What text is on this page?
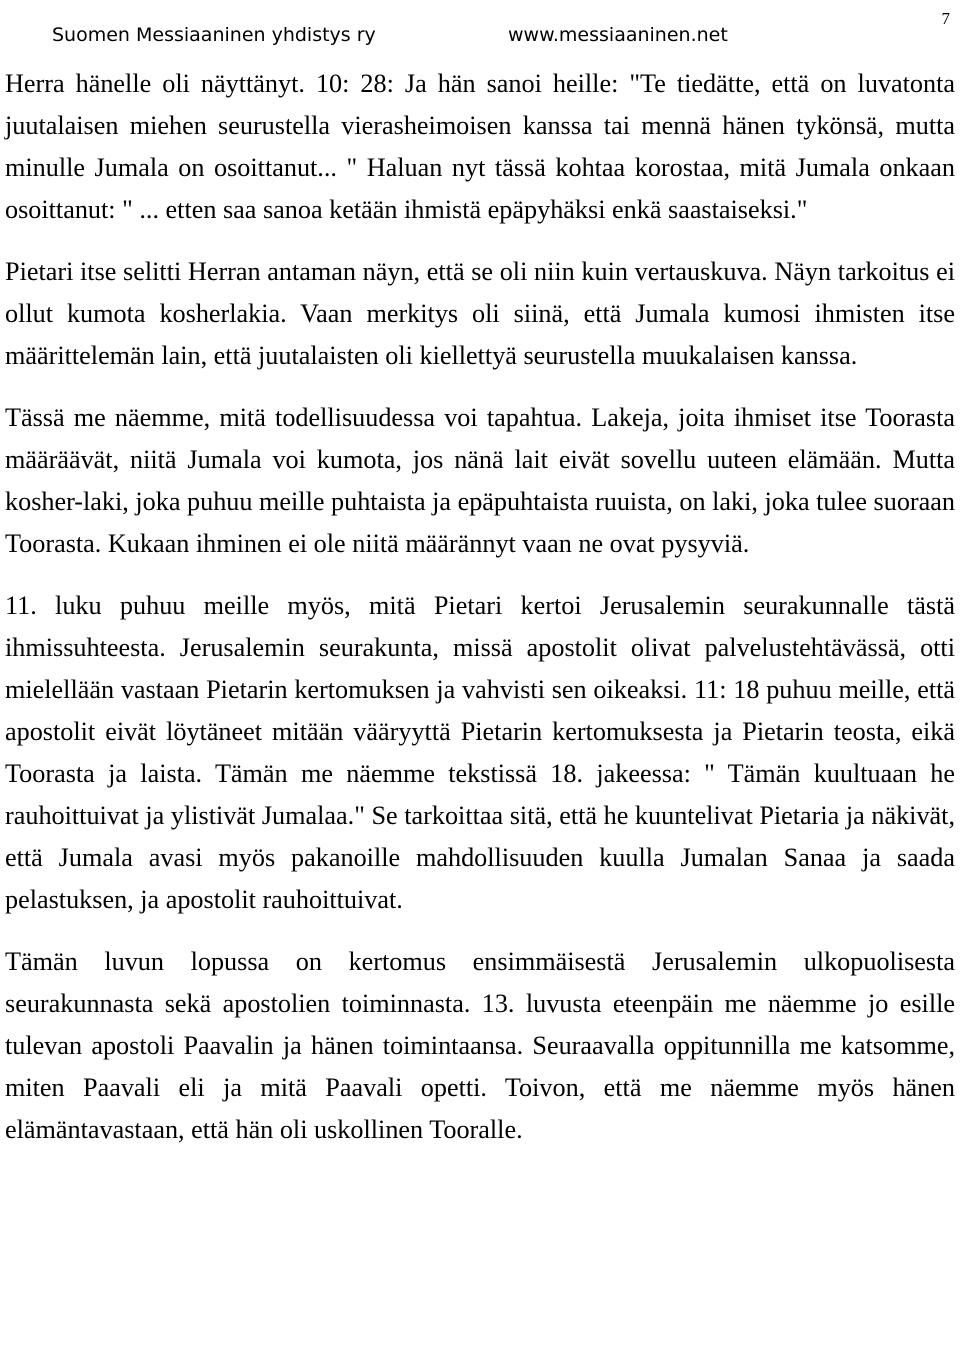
Suomen Messiaaninen yhdistys ry	www.messiaaninen.net
7

Herra hänelle oli näyttänyt. 10: 28: Ja hän sanoi heille: "Te tiedätte, että on luvatonta juutalaisen miehen seurustella vierasheimoisen kanssa tai mennä hänen tykönsä, mutta minulle Jumala on osoittanut... " Haluan nyt tässä kohtaa korostaa, mitä Jumala onkaan osoittanut: " ... etten saa sanoa ketään ihmistä epäpyhäksi enkä saastaiseksi."

Pietari itse selitti Herran antaman näyn, että se oli niin kuin vertauskuva. Näyn tarkoitus ei ollut kumota kosherlakia. Vaan merkitys oli siinä, että Jumala kumosi ihmisten itse määrittelemän lain, että juutalaisten oli kiellettyä seurustella muukalaisen kanssa.

Tässä me näemme, mitä todellisuudessa voi tapahtua. Lakeja, joita ihmiset itse Toorasta määräävät, niitä Jumala voi kumota, jos nänä lait eivät sovellu uuteen elämään. Mutta kosher-laki, joka puhuu meille puhtaista ja epäpuhtaista ruuista, on laki, joka tulee suoraan Toorasta. Kukaan ihminen ei ole niitä määrännyt vaan ne ovat pysyviä.

11. luku puhuu meille myös, mitä Pietari kertoi Jerusalemin seurakunnalle tästä ihmissuhteesta. Jerusalemin seurakunta, missä apostolit olivat palvelustehtävässä, otti mielellään vastaan Pietarin kertomuksen ja vahvisti sen oikeaksi. 11: 18 puhuu meille, että apostolit eivät löytäneet mitään vääryyttä Pietarin kertomuksesta ja Pietarin teosta, eikä Toorasta ja laista. Tämän me näemme tekstissä 18. jakeessa: " Tämän kuultuaan he rauhoittuivat ja ylistivät Jumalaa." Se tarkoittaa sitä, että he kuuntelivat Pietaria ja näkivät, että Jumala avasi myös pakanoille mahdollisuuden kuulla Jumalan Sanaa ja saada pelastuksen, ja apostolit rauhoittuivat.

Tämän luvun lopussa on kertomus ensimmäisestä Jerusalemin ulkopuolisesta seurakunnasta sekä apostolien toiminnasta. 13. luvusta eteenpäin me näemme jo esille tulevan apostoli Paavalin ja hänen toimintaansa. Seuraavalla oppitunnilla me katsomme, miten Paavali eli ja mitä Paavali opetti. Toivon, että me näemme myös hänen elämäntavastaan, että hän oli uskollinen Tooralle.
